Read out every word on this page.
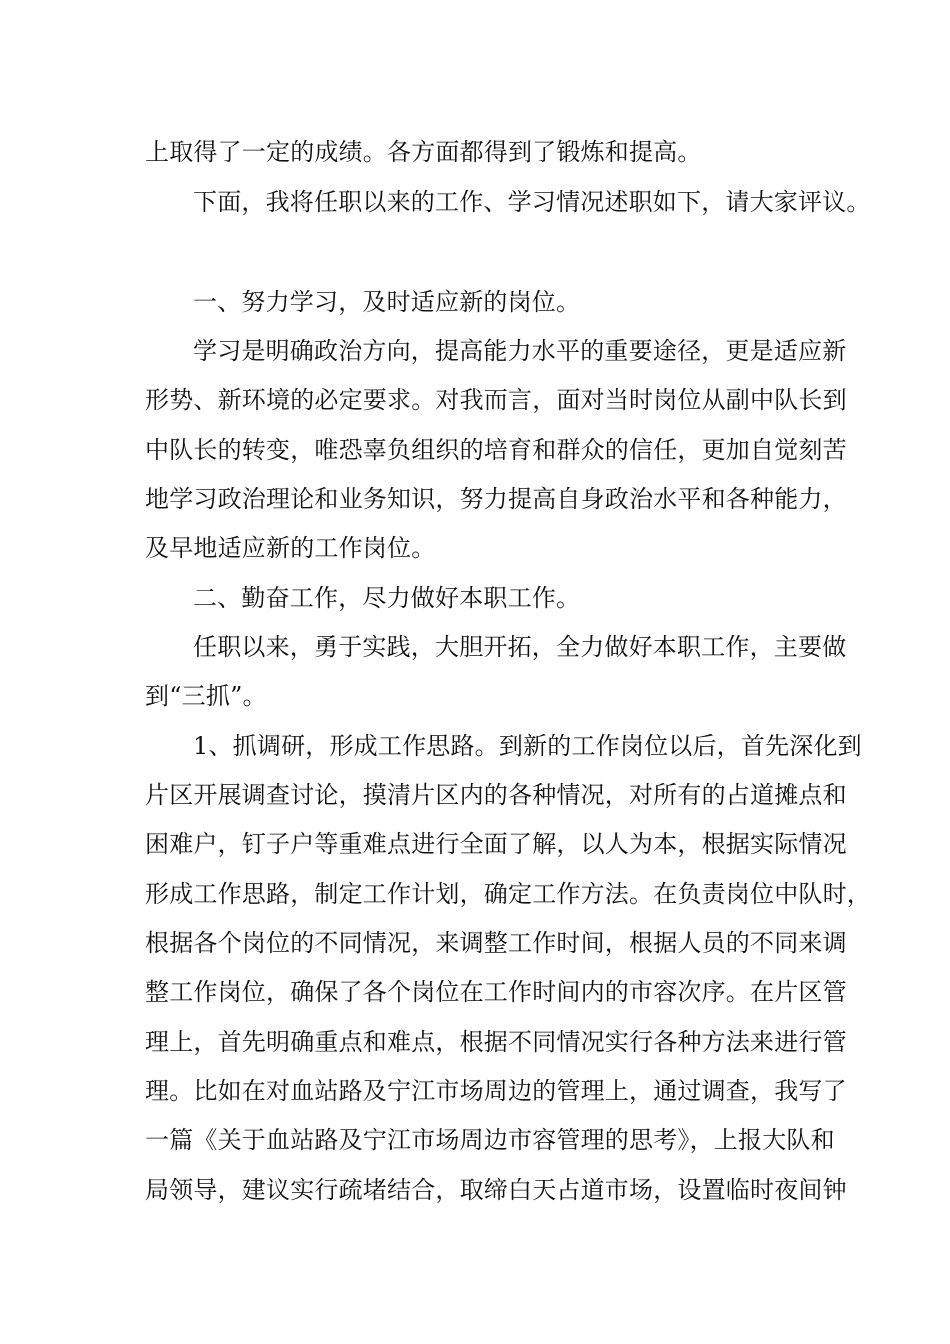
上取得了一定的成绩。各方面都得到了锻炼和提高。
下面，我将任职以来的工作、学习情况述职如下，请大家评议。
一、努力学习，及时适应新的岗位。
学习是明确政治方向，提高能力水平的重要途径，更是适应新
形势、新环境的必定要求。对我而言，面对当时岗位从副中队长到
中队长的转变，唯恐辜负组织的培育和群众的信任，更加自觉刻苦
地学习政治理论和业务知识，努力提高自身政治水平和各种能力，
及早地适应新的工作岗位。
二、勤奋工作，尽力做好本职工作。
任职以来，勇于实践，大胆开拓，全力做好本职工作，主要做
到“三抓”。
1、抓调研，形成工作思路。到新的工作岗位以后，首先深化到
片区开展调查讨论，摸清片区内的各种情况，对所有的占道摊点和
困难户，钉子户等重难点进行全面了解，以人为本，根据实际情况
形成工作思路，制定工作计划，确定工作方法。在负责岗位中队时，
根据各个岗位的不同情况，来调整工作时间，根据人员的不同来调
整工作岗位，确保了各个岗位在工作时间内的市容次序。在片区管
理上，首先明确重点和难点，根据不同情况实行各种方法来进行管
理。比如在对血站路及宁江市场周边的管理上，通过调查，我写了
一篇《关于血站路及宁江市场周边市容管理的思考》，上报大队和
局领导，建议实行疏堵结合，取缔白天占道市场，设置临时夜间钟
